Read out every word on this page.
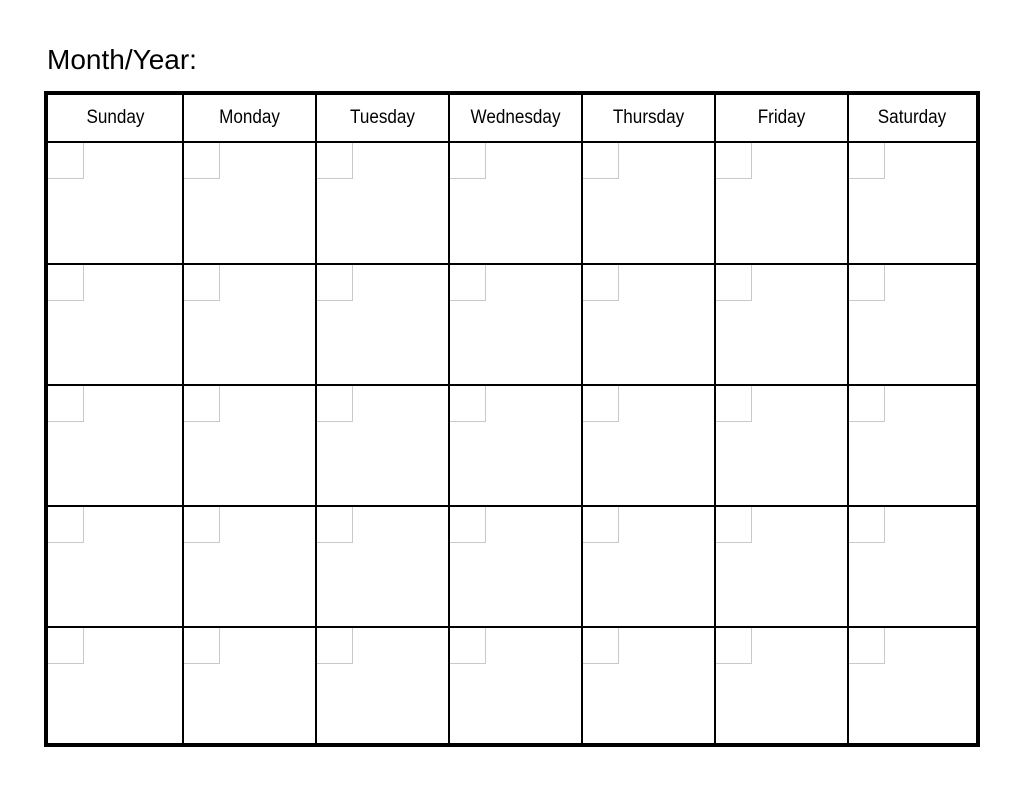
Month/Year:
Sunday	Monday	Tuesday	Wednesday	Thursday	Friday	Saturday
